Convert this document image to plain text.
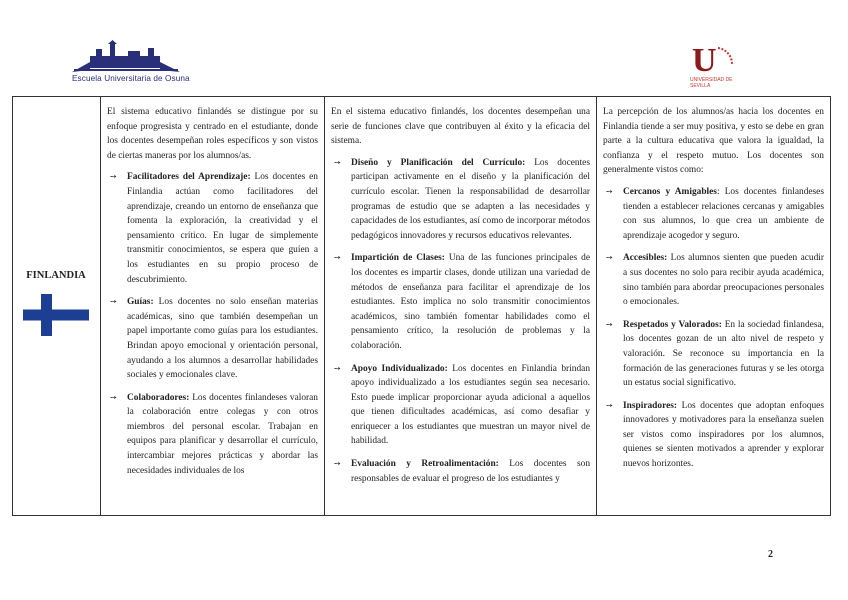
Escuela Universitaria de Osuna	U
UNIVERSIDAD DE SEVILLA
FINLANDIA

El sistema educativo finlandés se distingue por su enfoque progresista y centrado en el estudiante, donde los docentes desempeñan roles específicos y son vistos de ciertas maneras por los alumnos/as.

➙ Facilitadores del Aprendizaje: Los docentes en Finlandia actúan como facilitadores del aprendizaje, creando un entorno de enseñanza que fomenta la exploración, la creatividad y el pensamiento crítico. En lugar de simplemente transmitir conocimientos, se espera que guíen a los estudiantes en su propio proceso de descubrimiento.
➙ Guías: Los docentes no solo enseñan materias académicas, sino que también desempeñan un papel importante como guías para los estudiantes. Brindan apoyo emocional y orientación personal, ayudando a los alumnos a desarrollar habilidades sociales y emocionales clave.
➙ Colaboradores: Los docentes finlandeses valoran la colaboración entre colegas y con otros miembros del personal escolar. Trabajan en equipos para planificar y desarrollar el currículo, intercambiar mejores prácticas y abordar las necesidades individuales de los

En el sistema educativo finlandés, los docentes desempeñan una serie de funciones clave que contribuyen al éxito y la eficacia del sistema.

➙ Diseño y Planificación del Currículo: Los docentes participan activamente en el diseño y la planificación del currículo escolar. Tienen la responsabilidad de desarrollar programas de estudio que se adapten a las necesidades y capacidades de los estudiantes, así como de incorporar métodos pedagógicos innovadores y recursos educativos relevantes.
➙ Impartición de Clases: Una de las funciones principales de los docentes es impartir clases, donde utilizan una variedad de métodos de enseñanza para facilitar el aprendizaje de los estudiantes. Esto implica no solo transmitir conocimientos académicos, sino también fomentar habilidades como el pensamiento crítico, la resolución de problemas y la colaboración.
➙ Apoyo Individualizado: Los docentes en Finlandia brindan apoyo individualizado a los estudiantes según sea necesario. Esto puede implicar proporcionar ayuda adicional a aquellos que tienen dificultades académicas, así como desafiar y enriquecer a los estudiantes que muestran un mayor nivel de habilidad.
➙ Evaluación y Retroalimentación: Los docentes son responsables de evaluar el progreso de los estudiantes y

La percepción de los alumnos/as hacia los docentes en Finlandia tiende a ser muy positiva, y esto se debe en gran parte a la cultura educativa que valora la igualdad, la confianza y el respeto mutuo. Los docentes son generalmente vistos como:

➙ Cercanos y Amigables: Los docentes finlandeses tienden a establecer relaciones cercanas y amigables con sus alumnos, lo que crea un ambiente de aprendizaje acogedor y seguro.
➙ Accesibles: Los alumnos sienten que pueden acudir a sus docentes no solo para recibir ayuda académica, sino también para abordar preocupaciones personales o emocionales.
➙ Respetados y Valorados: En la sociedad finlandesa, los docentes gozan de un alto nivel de respeto y valoración. Se reconoce su importancia en la formación de las generaciones futuras y se les otorga un estatus social significativo.
➙ Inspiradores: Los docentes que adoptan enfoques innovadores y motivadores para la enseñanza suelen ser vistos como inspiradores por los alumnos, quienes se sienten motivados a aprender y explorar nuevos horizontes.
2
